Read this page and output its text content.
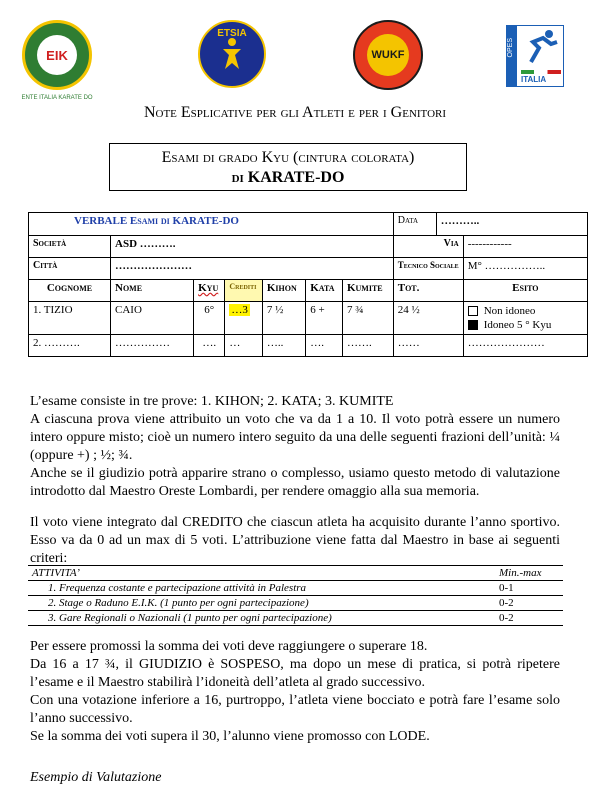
EIK
ENTE ITALIA KARATE DO
ETSIA
WUKF	OPES
ITALIA
Note Esplicative per gli Atleti e per i Genitori
Esami di grado Kyu (cintura colorata)
di KARATE-DO
VERBALE Esami di KARATE-DO							Data ………..	

Società	ASD ……….						Via	------------
Città	…………………						Tecnico Sociale	M° ……………..
Cognome	Nome	Kyu	Crediti	Kihon	Kata	Kumite	Tot.	Esito
1. TIZIO	CAIO	6°	…3	7 ½	6 +	7 ¾	24 ½	Non idoneo
Idoneo 5 ° Kyu

2. ……….	……………	….	…	…..	….	…….	……	…………………
L’esame consiste in tre prove: 1. KIHON; 2. KATA; 3. KUMITE
A ciascuna prova viene attribuito un voto che va da 1 a 10. Il voto potrà essere un numero intero oppure misto; cioè un numero intero seguito da una delle seguenti frazioni dell’unità: ¼ (oppure +) ; ½; ¾.
Anche se il giudizio potrà apparire strano o complesso, usiamo questo metodo di valutazione introdotto dal Maestro Oreste Lombardi, per rendere omaggio alla sua memoria.
Il voto viene integrato dal CREDITO che ciascun atleta ha acquisito durante l’anno sportivo. Esso va da 0 ad un max di 5 voti. L’attribuzione viene fatta dal Maestro in base ai seguenti criteri:
ATTIVITA’	Min.-max
1. Frequenza costante e partecipazione attività in Palestra	0-1
2. Stage o Raduno E.I.K. (1 punto per ogni partecipazione)	0-2
3. Gare Regionali o Nazionali (1 punto per ogni partecipazione)	0-2
Per essere promossi la somma dei voti deve raggiungere o superare 18.
Da 16 a 17 ¾, il GIUDIZIO è SOSPESO, ma dopo un mese di pratica, si potrà ripetere l’esame e il Maestro stabilirà l’idoneità dell’atleta al grado successivo.
Con una votazione inferiore a 16, purtroppo, l’atleta viene bocciato e potrà fare l’esame solo l’anno successivo.
Se la somma dei voti supera il 30, l’alunno viene promosso con LODE.
Esempio di Valutazione
